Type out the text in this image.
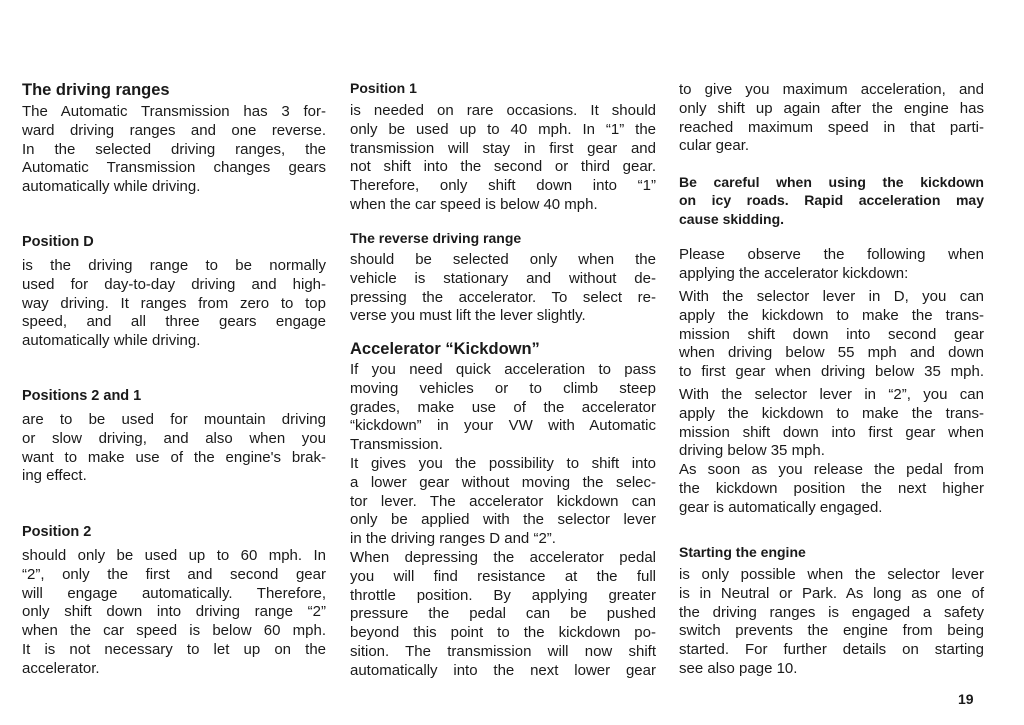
The driving ranges

The Automatic Transmission has 3 for-
ward driving ranges and one reverse.
In the selected driving ranges, the
Automatic Transmission changes gears
automatically while driving.

Position D

is the driving range to be normally
used for day-to-day driving and high-
way driving. It ranges from zero to top
speed, and all three gears engage
automatically while driving.

Positions 2 and 1

are to be used for mountain driving
or slow driving, and also when you
want to make use of the engine's brak-
ing effect.

Position 2

should only be used up to 60 mph. In
“2”, only the first and second gear
will engage automatically. Therefore,
only shift down into driving range “2”
when the car speed is below 60 mph.
It is not necessary to let up on the
accelerator.

Position 1

is needed on rare occasions. It should
only be used up to 40 mph. In “1” the
transmission will stay in first gear and
not shift into the second or third gear.
Therefore, only shift down into “1”
when the car speed is below 40 mph.

The reverse driving range

should be selected only when the
vehicle is stationary and without de-
pressing the accelerator. To select re-
verse you must lift the lever slightly.

Accelerator “Kickdown”

If you need quick acceleration to pass
moving vehicles or to climb steep
grades, make use of the accelerator
“kickdown” in your VW with Automatic
Transmission.
It gives you the possibility to shift into
a lower gear without moving the selec-
tor lever. The accelerator kickdown can
only be applied with the selector lever
in the driving ranges D and “2”.
When depressing the accelerator pedal
you will find resistance at the full
throttle position. By applying greater
pressure the pedal can be pushed
beyond this point to the kickdown po-
sition. The transmission will now shift
automatically into the next lower gear

to give you maximum acceleration, and
only shift up again after the engine has
reached maximum speed in that parti-
cular gear.

Be careful when using the kickdown
on icy roads. Rapid acceleration may
cause skidding.

Please observe the following when
applying the accelerator kickdown:

With the selector lever in D, you can
apply the kickdown to make the trans-
mission shift down into second gear
when driving below 55 mph and down
to first gear when driving below 35 mph.

With the selector lever in “2”, you can
apply the kickdown to make the trans-
mission shift down into first gear when
driving below 35 mph.
As soon as you release the pedal from
the kickdown position the next higher
gear is automatically engaged.

Starting the engine

is only possible when the selector lever
is in Neutral or Park. As long as one of
the driving ranges is engaged a safety
switch prevents the engine from being
started. For further details on starting
see also page 10.

19
